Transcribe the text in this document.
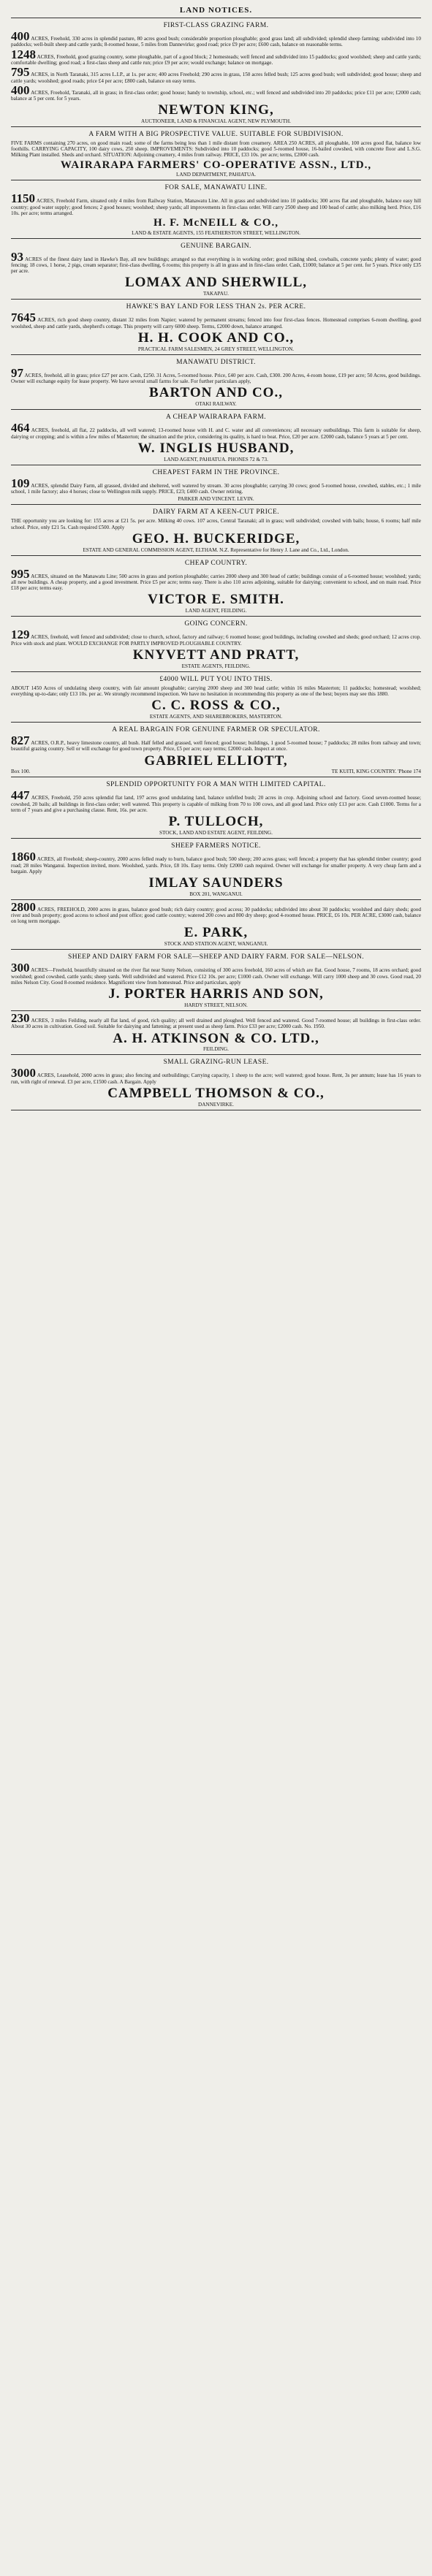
LAND NOTICES.
FIRST-CLASS GRAZING FARM.

400 ACRES, Freehold, 330 acres in splendid pasture, 80 acres good bush; considerable proportion ploughable; good grass land; all subdivided; splendid sheep farming; subdivided into 10 paddocks; well-built sheep and cattle yards; 8-roomed house, 5 miles from Dannevirke; good road; price £9 per acre; £600 cash, balance on reasonable terms.

1248 ACRES, Freehold, good grazing country, some ploughable, part of a good block; 2 homesteads; well fenced and subdivided into 15 paddocks; good woolshed; sheep and cattle yards; comfortable dwelling; good road; a first-class sheep and cattle run; price £9 per acre; would exchange; balance on mortgage.

795 ACRES, in North Taranaki, 315 acres L.I.P., at 1s. per acre; 400 acres Freehold; 290 acres in grass, 150 acres felled bush; 125 acres good bush; well subdivided; good house; sheep and cattle yards; woolshed; good roads; price £4 per acre; £800 cash, balance on easy terms.

400 ACRES, Freehold, Taranaki, all in grass; in first-class order; good house; handy to township, school, etc.; well fenced and subdivided into 20 paddocks; price £11 per acre; £2000 cash; balance at 5 per cent. for 5 years.

NEWTON KING,
AUCTIONEER, LAND & FINANCIAL AGENT, NEW PLYMOUTH.
A FARM WITH A BIG PROSPECTIVE VALUE. SUITABLE FOR SUBDIVISION.

FIVE FARMS containing 270 acres, on good main road; some of the farms being less than 1 mile distant from creamery. AREA 250 ACRES, all ploughable, 100 acres good flat, balance low foothills. CARRYING CAPACITY, 100 dairy cows, 250 sheep. IMPROVEMENTS: Subdivided into 10 paddocks; good 5-roomed house, 16-bailed cowshed, with concrete floor and L.S.G. Milking Plant installed. Sheds and orchard. SITUATION: Adjoining creamery, 4 miles from railway. PRICE, £33 10s. per acre; terms, £2000 cash.

WAIRARAPA FARMERS' CO-OPERATIVE ASSN., LTD.,
LAND DEPARTMENT, PAHIATUA.
FOR SALE, MANAWATU LINE.

1150 ACRES, Freehold Farm, situated only 4 miles from Railway Station, Manawatu Line. All in grass and subdivided into 10 paddocks; 300 acres flat and ploughable, balance easy hill country; good water supply; good fences; 2 good houses; woolshed; sheep yards; all improvements in first-class order. Will carry 2500 sheep and 100 head of cattle; also milking herd. Price, £16 10s. per acre; terms arranged.

H. F. McNEILL & CO.,
LAND & ESTATE AGENTS, 155 FEATHERSTON STREET, WELLINGTON.
GENUINE BARGAIN.

93 ACRES of the finest dairy land in Hawke's Bay, all new buildings; arranged so that everything is in working order; good milking shed, cowbails, concrete yards; plenty of water; good fencing; 18 cows, 1 horse, 2 pigs, cream separator; first-class dwelling, 6 rooms; this property is all in grass and in first-class order. Cash, £1000; balance at 5 per cent. for 5 years. Price only £35 per acre.

LOMAX AND SHERWILL,
TAKAPAU.
HAWKE'S BAY LAND FOR LESS THAN 2s. PER ACRE.

7645 ACRES, rich good sheep country, distant 32 miles from Napier; watered by permanent streams; fenced into four first-class fences. Homestead comprises 6-room dwelling, good woolshed, sheep and cattle yards, shepherd's cottage. This property will carry 6000 sheep. Terms, £2000 down, balance arranged.

H. H. COOK AND CO.,
PRACTICAL FARM SALESMEN, 24 GREY STREET, WELLINGTON.
MANAWATU DISTRICT.

97 ACRES, freehold, all in grass; price £27 per acre. Cash, £250. 31 Acres, 5-roomed house. Price, £40 per acre. Cash, £300. 200 Acres, 4-room house, £19 per acre; 50 Acres, good buildings. Owner will exchange equity for lease property. We have several small farms for sale. For further particulars apply,

BARTON AND CO.,
OTAKI RAILWAY.
A CHEAP WAIRARAPA FARM.

464 ACRES, freehold, all flat, 22 paddocks, all well watered; 13-roomed house with H. and C. water and all conveniences; all necessary outbuildings. This farm is suitable for sheep, dairying or cropping; and is within a few miles of Masterton; the situation and the price, considering its quality, is hard to beat. Price, £20 per acre. £2000 cash, balance 5 years at 5 per cent.

W. INGLIS HUSBAND,
LAND AGENT, PAHIATUA. PHONES 72 & 73.
CHEAPEST FARM IN THE PROVINCE.

109 ACRES, splendid Dairy Farm, all grassed, divided and sheltered, well watered by stream. 30 acres ploughable; carrying 30 cows; good 5-roomed house, cowshed, stables, etc.; 1 mile school, 1 mile factory; also 4 horses; close to Wellington milk supply. PRICE, £23; £400 cash. Owner retiring.

PARKER AND VINCENT. LEVIN.
DAIRY FARM AT A KEEN-CUT PRICE.

THE opportunity you are looking for: 155 acres at £21 5s. per acre. Milking 40 cows. 107 acres, Central Taranaki; all in grass; well subdivided; cowshed with bails; house, 6 rooms; half mile school. Price, only £21 5s. Cash required £500. Apply

GEO. H. BUCKERIDGE,
ESTATE AND GENERAL COMMISSION AGENT, ELTHAM. N.Z. Representative for Henry J. Lane and Co., Ltd., London.
CHEAP COUNTRY.

995 ACRES, situated on the Manawatu Line; 500 acres in grass and portion ploughable; carries 2000 sheep and 300 head of cattle; buildings consist of a 6-roomed house; woolshed; yards; all new buildings. A cheap property, and a good investment. Price £5 per acre; terms easy. There is also 110 acres adjoining, suitable for dairying; convenient to school, and on main road. Price £18 per acre; terms easy.

VICTOR E. SMITH.
LAND AGENT, FEILDING.
GOING CONCERN.

129 ACRES, freehold, well fenced and subdivided; close to church, school, factory and railway; 6 roomed house; good buildings, including cowshed and sheds; good orchard; 12 acres crop. Price with stock and plant. WOULD EXCHANGE FOR PARTLY IMPROVED PLOUGHABLE COUNTRY.

KNYVETT AND PRATT,
ESTATE AGENTS, FEILDING.
£4000 WILL PUT YOU INTO THIS.

ABOUT 1450 Acres of undulating sheep country, with fair amount ploughable; carrying 2000 sheep and 300 head cattle; within 16 miles Masterton; 11 paddocks; homestead; woolshed; everything up-to-date; only £13 10s. per ac. We strongly recommend inspection. We have no hesitation in recommending this property as one of the best; buyers may see this 1880.

C. C. ROSS & CO.,
ESTATE AGENTS, AND SHAREBROKERS, MASTERTON.
A REAL BARGAIN FOR GENUINE FARMER OR SPECULATOR.

827 ACRES, O.R.P., heavy limestone country, all bush. Half felled and grassed, well fenced; good house; buildings, 1 good 5-roomed house; 7 paddocks; 28 miles from railway and town; beautiful grazing country. Sell or will exchange for good town property. Price, £5 per acre; easy terms; £2000 cash. Inspect at once.

GABRIEL ELLIOTT,
Box 100.	TE KUITI, KING COUNTRY. 'Phone 174
SPLENDID OPPORTUNITY FOR A MAN WITH LIMITED CAPITAL.

447 ACRES, Freehold, 250 acres splendid flat land, 197 acres good undulating land, balance unfelled bush; 20 acres in crop. Adjoining school and factory. Good seven-roomed house; cowshed, 20 bails; all buildings in first-class order; well watered. This property is capable of milking from 70 to 100 cows, and all good land. Price only £13 per acre. Cash £1000. Terms for a term of 7 years and give a purchasing clause. Rent, 16s. per acre.

P. TULLOCH,
STOCK, LAND AND ESTATE AGENT, FEILDING.
SHEEP FARMERS NOTICE.

1860 ACRES, all Freehold; sheep-country, 2000 acres felled ready to burn, balance good bush; 500 sheep; 200 acres grass; well fenced; a property that has splendid timber country; good road; 28 miles Wanganui. Inspection invited, more. Woolshed, yards. Price, £8 10s. Easy terms. Only £2000 cash required. Owner will exchange for smaller property. A very cheap farm and a bargain. Apply

IMLAY SAUNDERS
BOX 201, WANGANUI.

2800 ACRES, FREEHOLD, 2000 acres in grass, balance good bush; rich dairy country; good access; 30 paddocks; subdivided into about 30 paddocks; woolshed and dairy sheds; good river and bush property; good access to school and post office; good cattle country; watered 200 cows and 800 dry sheep; good 4-roomed house. PRICE, £6 10s. PER ACRE, £3000 cash, balance on long term mortgage.

E. PARK,
STOCK AND STATION AGENT, WANGANUI.
SHEEP AND DAIRY FARM FOR SALE—SHEEP AND DAIRY FARM. FOR SALE—NELSON.

300 ACRES—Freehold, beautifully situated on the river flat near Sunny Nelson, consisting of 300 acres freehold, 160 acres of which are flat. Good house, 7 rooms, 18 acres orchard; good woolshed; good cowshed, cattle yards; sheep yards. Well subdivided and watered. Price £12 10s. per acre; £1000 cash. Owner will exchange. Will carry 1000 sheep and 30 cows. Good road, 20 miles Nelson City. Good 8-roomed residence. Magnificent view from homestead. Price and particulars, apply

J. PORTER HARRIS AND SON,
HARDY STREET, NELSON.

230 ACRES, 3 miles Feilding, nearly all flat land, of good, rich quality; all well drained and ploughed. Well fenced and watered. Good 7-roomed house; all buildings in first-class order. About 30 acres in cultivation. Good soil. Suitable for dairying and fattening; at present used as sheep farm. Price £33 per acre; £2000 cash. No. 1950.

A. H. ATKINSON & CO. LTD.,
FEILDING.
SMALL GRAZING-RUN LEASE.

3000 ACRES, Leasehold, 2000 acres in grass; also fencing and outbuildings; Carrying capacity, 1 sheep to the acre; well watered; good house. Rent, 3s per annum; lease has 16 years to run, with right of renewal. £3 per acre, £1500 cash. A Bargain. Apply

CAMPBELL THOMSON & CO.,
DANNEVIRKE.
